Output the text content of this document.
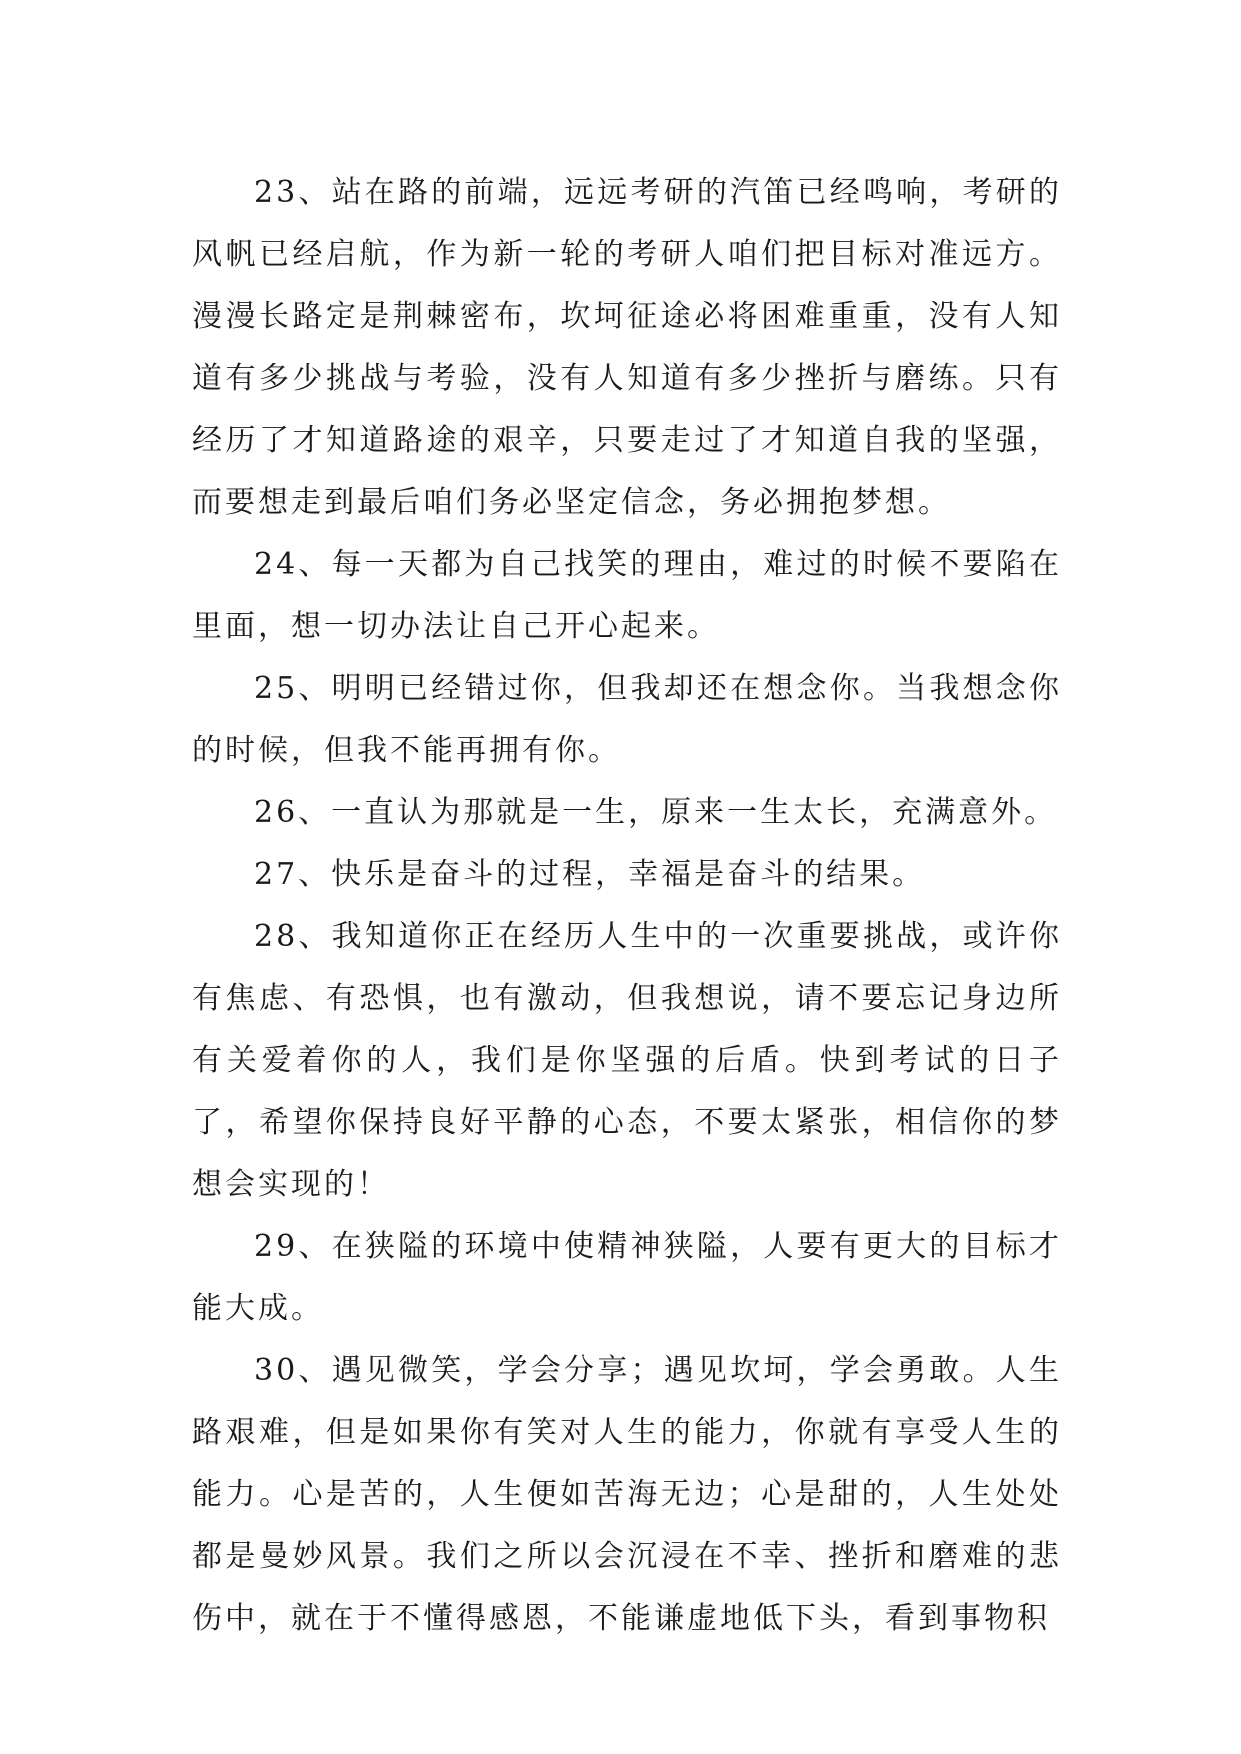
23、站在路的前端，远远考研的汽笛已经鸣响，考研的风帆已经启航，作为新一轮的考研人咱们把目标对准远方。漫漫长路定是荆棘密布，坎坷征途必将困难重重，没有人知道有多少挑战与考验，没有人知道有多少挫折与磨练。只有经历了才知道路途的艰辛，只要走过了才知道自我的坚强，而要想走到最后咱们务必坚定信念，务必拥抱梦想。

24、每一天都为自己找笑的理由，难过的时候不要陷在里面，想一切办法让自己开心起来。

25、明明已经错过你，但我却还在想念你。当我想念你的时候，但我不能再拥有你。

26、一直认为那就是一生，原来一生太长，充满意外。

27、快乐是奋斗的过程，幸福是奋斗的结果。

28、我知道你正在经历人生中的一次重要挑战，或许你有焦虑、有恐惧，也有激动，但我想说，请不要忘记身边所有关爱着你的人，我们是你坚强的后盾。快到考试的日子了，希望你保持良好平静的心态，不要太紧张，相信你的梦想会实现的！

29、在狭隘的环境中使精神狭隘，人要有更大的目标才能大成。

30、遇见微笑，学会分享；遇见坎坷，学会勇敢。人生路艰难，但是如果你有笑对人生的能力，你就有享受人生的能力。心是苦的，人生便如苦海无边；心是甜的，人生处处都是曼妙风景。我们之所以会沉浸在不幸、挫折和磨难的悲伤中，就在于不懂得感恩，不能谦虚地低下头，看到事物积
